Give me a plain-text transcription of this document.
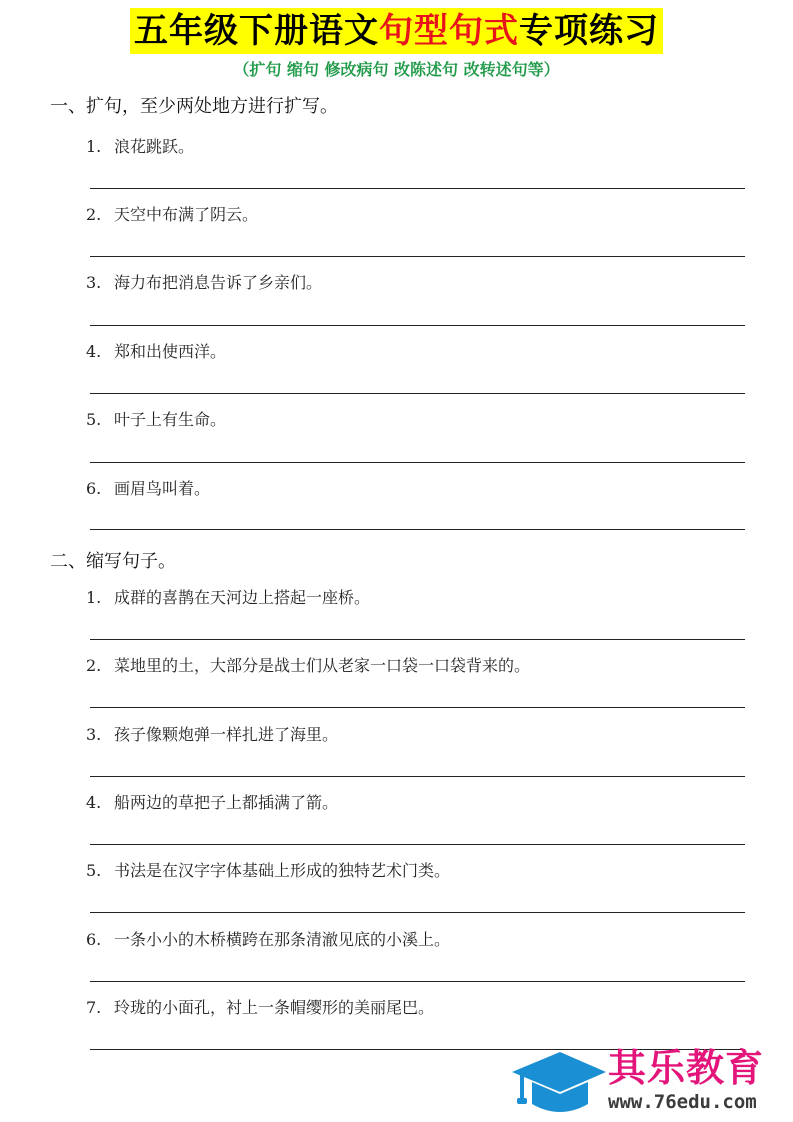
五年级下册语文句型句式专项练习
（扩句 缩句 修改病句 改陈述句 改转述句等）
一、扩句，至少两处地方进行扩写。
1. 浪花跳跃。
2. 天空中布满了阴云。
3. 海力布把消息告诉了乡亲们。
4. 郑和出使西洋。
5. 叶子上有生命。
6. 画眉鸟叫着。
二、缩写句子。
1. 成群的喜鹊在天河边上搭起一座桥。
2. 菜地里的土，大部分是战士们从老家一口袋一口袋背来的。
3. 孩子像颗炮弹一样扎进了海里。
4. 船两边的草把子上都插满了箭。
5. 书法是在汉字字体基础上形成的独特艺术门类。
6. 一条小小的木桥横跨在那条清澈见底的小溪上。
7. 玲珑的小面孔，衬上一条帽缨形的美丽尾巴。
其乐教育
www.76edu.com
